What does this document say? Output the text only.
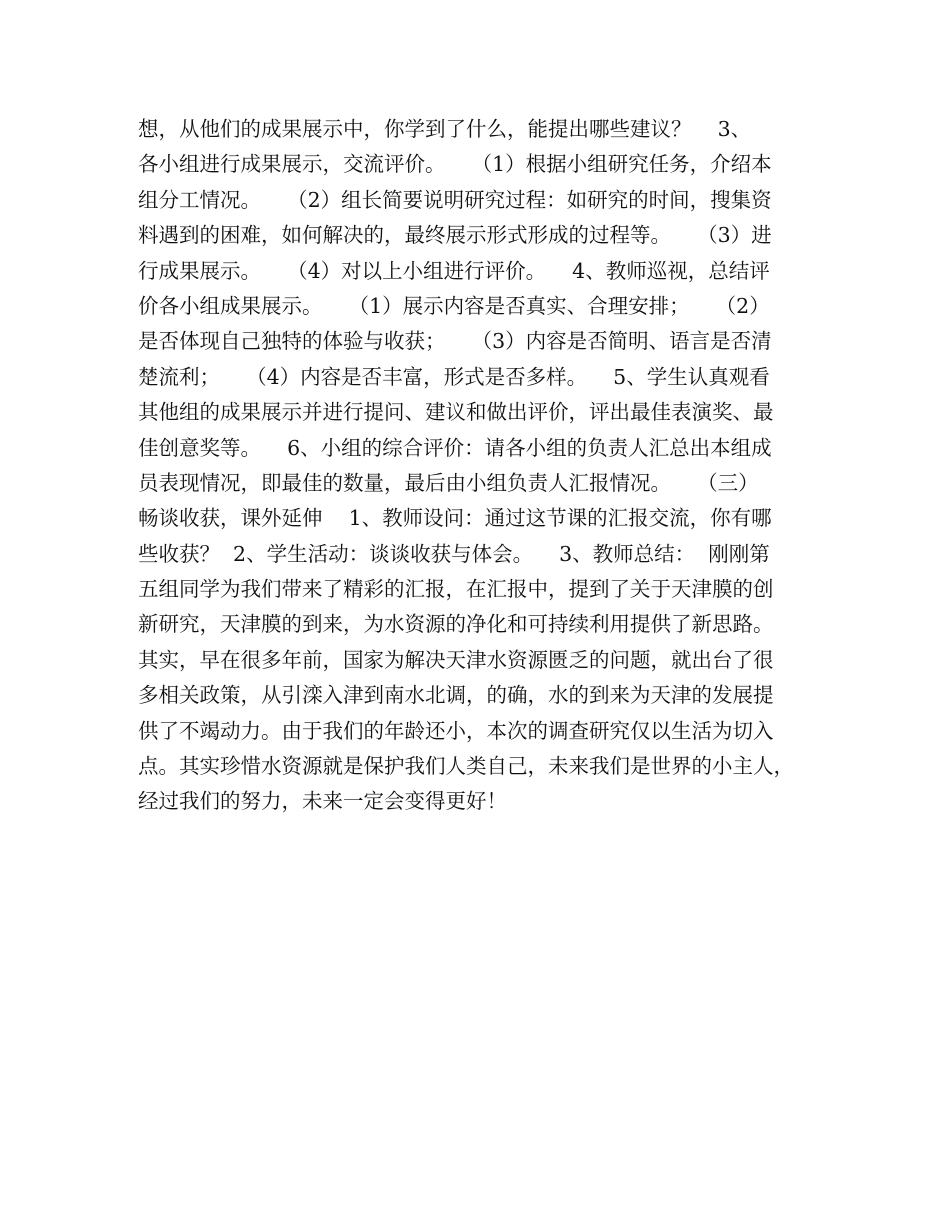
想，从他们的成果展示中，你学到了什么，能提出哪些建议？    3、
各小组进行成果展示，交流评价。    （1）根据小组研究任务，介绍本
组分工情况。    （2）组长简要说明研究过程：如研究的时间，搜集资
料遇到的困难，如何解决的，最终展示形式形成的过程等。    （3）进
行成果展示。    （4）对以上小组进行评价。    4、教师巡视，总结评
价各小组成果展示。    （1）展示内容是否真实、合理安排；    （2）
是否体现自己独特的体验与收获；    （3）内容是否简明、语言是否清
楚流利；    （4）内容是否丰富，形式是否多样。    5、学生认真观看
其他组的成果展示并进行提问、建议和做出评价，评出最佳表演奖、最
佳创意奖等。    6、小组的综合评价：请各小组的负责人汇总出本组成
员表现情况，即最佳的数量，最后由小组负责人汇报情况。    （三）
畅谈收获，课外延伸    1、教师设问：通过这节课的汇报交流，你有哪
些收获？  2、学生活动：谈谈收获与体会。    3、教师总结：  刚刚第
五组同学为我们带来了精彩的汇报，在汇报中，提到了关于天津膜的创
新研究，天津膜的到来，为水资源的净化和可持续利用提供了新思路。
其实，早在很多年前，国家为解决天津水资源匮乏的问题，就出台了很
多相关政策，从引滦入津到南水北调，的确，水的到来为天津的发展提
供了不竭动力。由于我们的年龄还小，本次的调查研究仅以生活为切入
点。其实珍惜水资源就是保护我们人类自己，未来我们是世界的小主人，
经过我们的努力，未来一定会变得更好！
